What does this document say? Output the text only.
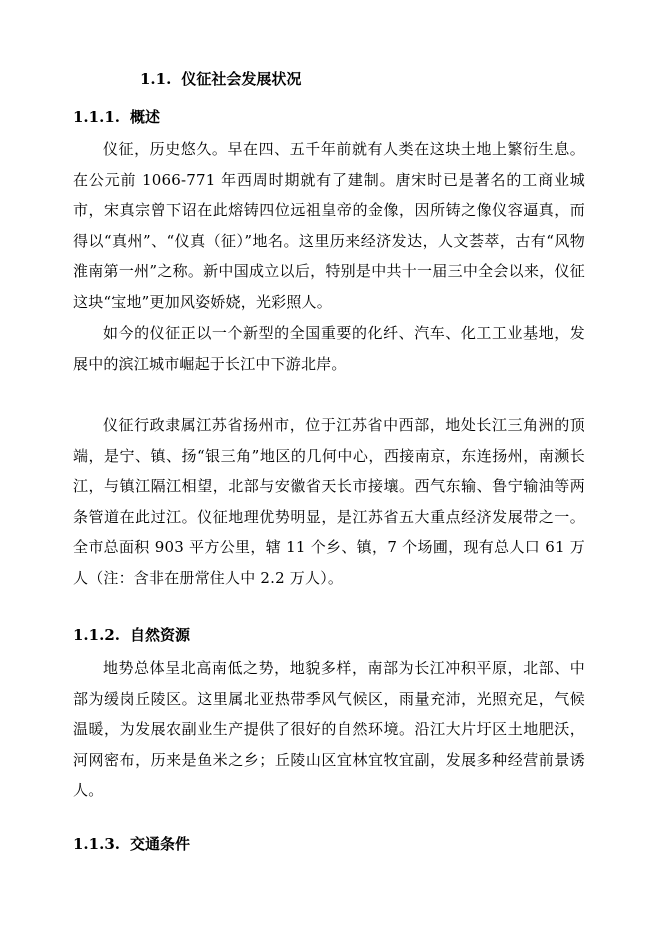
1.1. 仪征社会发展状况
1.1.1. 概述

仪征，历史悠久。早在四、五千年前就有人类在这块土地上繁衍生息。在公元前 1066-771 年西周时期就有了建制。唐宋时已是著名的工商业城市，宋真宗曾下诏在此熔铸四位远祖皇帝的金像，因所铸之像仪容逼真，而得以“真州”、“仪真（征）”地名。这里历来经济发达，人文荟萃，古有“风物淮南第一州”之称。新中国成立以后，特别是中共十一届三中全会以来，仪征这块“宝地”更加风姿娇娆，光彩照人。

如今的仪征正以一个新型的全国重要的化纤、汽车、化工工业基地，发展中的滨江城市崛起于长江中下游北岸。

仪征行政隶属江苏省扬州市，位于江苏省中西部，地处长江三角洲的顶端，是宁、镇、扬“银三角”地区的几何中心，西接南京，东连扬州，南濒长江，与镇江隔江相望，北部与安徽省天长市接壤。西气东输、鲁宁输油等两条管道在此过江。仪征地理优势明显，是江苏省五大重点经济发展带之一。全市总面积 903 平方公里，辖 11 个乡、镇，7 个场圃，现有总人口 61 万人（注：含非在册常住人中 2.2 万人）。

1.1.2. 自然资源

地势总体呈北高南低之势，地貌多样，南部为长江冲积平原，北部、中部为缓岗丘陵区。这里属北亚热带季风气候区，雨量充沛，光照充足，气候温暖，为发展农副业生产提供了很好的自然环境。沿江大片圩区土地肥沃，河网密布，历来是鱼米之乡；丘陵山区宜林宜牧宜副，发展多种经营前景诱人。

1.1.3. 交通条件
